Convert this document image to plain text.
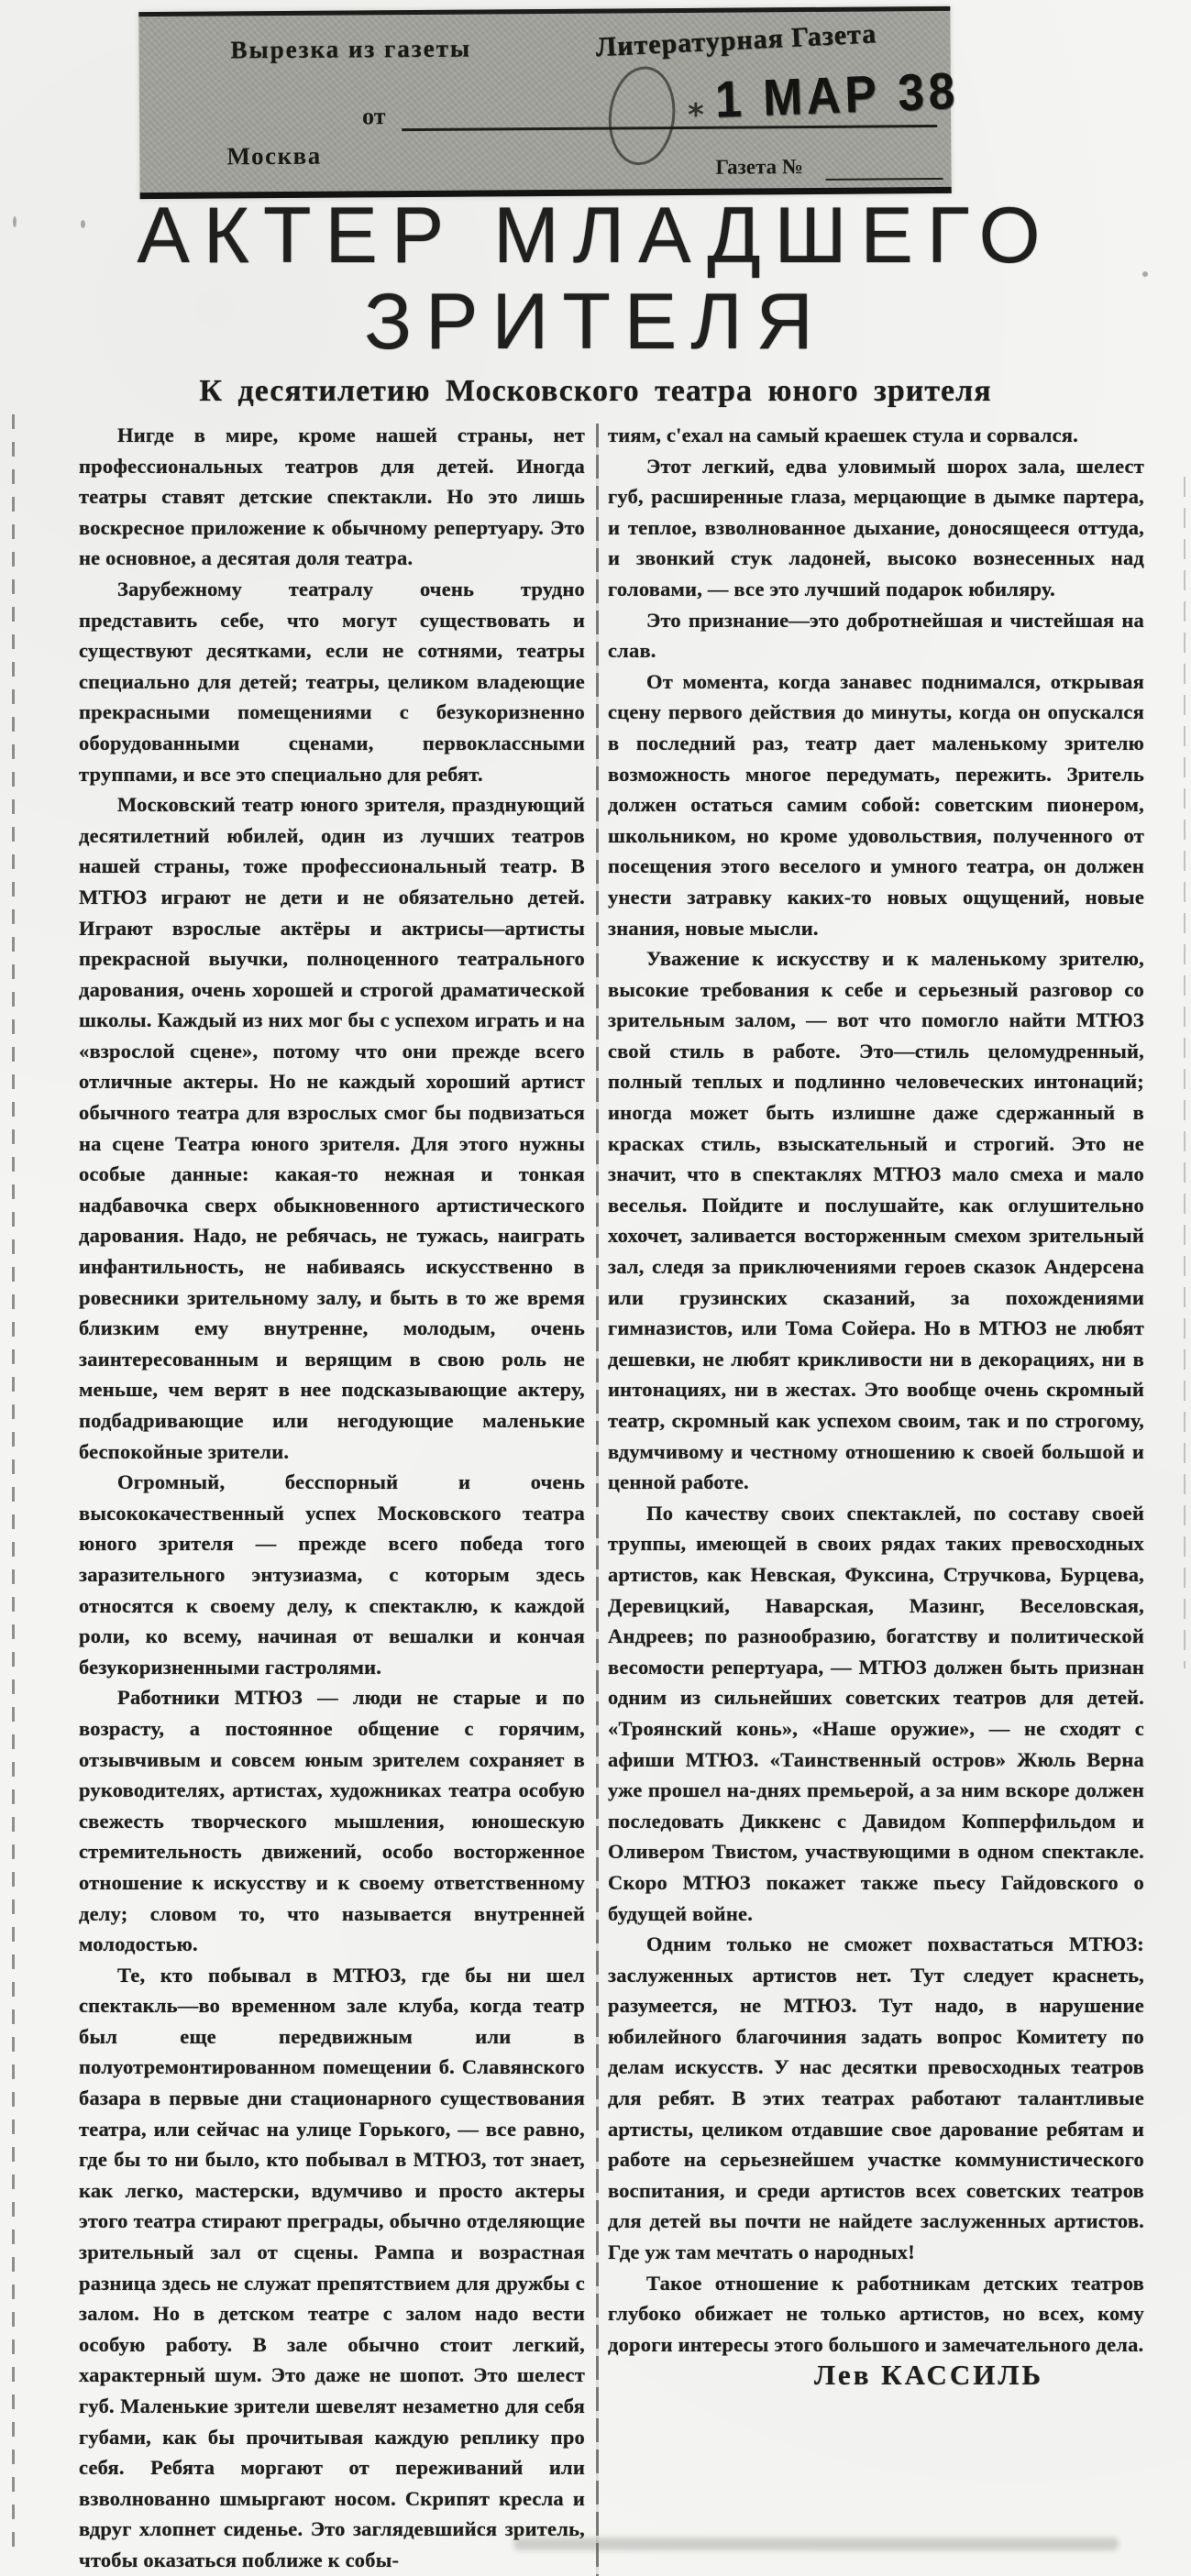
Вырезка из газеты	Литературная Газета
от	* 1 МАР 38
Москва	Газета №
АКТЕР МЛАДШЕГО
ЗРИТЕЛЯ
К десятилетию Московского театра юного зрителя

Нигде в мире, кроме нашей страны, нет профессиональных театров для детей. Иногда театры ставят детские спектакли. Но это лишь воскресное приложение к обычному репертуару. Это не основное, а десятая доля театра.

Зарубежному театралу очень трудно представить себе, что могут существовать и существуют десятками, если не сотнями, театры специально для детей; театры, целиком владеющие прекрасными помещениями с безукоризненно оборудованными сценами, первоклассными труппами, и все это специально для ребят.

Московский театр юного зрителя, празднующий десятилетний юбилей, один из лучших театров нашей страны, тоже профессиональный театр. В МТЮЗ играют не дети и не обязательно детей. Играют взрослые актёры и актрисы—артисты прекрасной выучки, полноценного театрального дарования, очень хорошей и строгой драматической школы. Каждый из них мог бы с успехом играть и на «взрослой сцене», потому что они прежде всего отличные актеры. Но не каждый хороший артист обычного театра для взрослых смог бы подвизаться на сцене Театра юного зрителя. Для этого нужны особые данные: какая-то нежная и тонкая надбавочка сверх обыкновенного артистического дарования. Надо, не ребячась, не тужась, наиграть инфантильность, не набиваясь искусственно в ровесники зрительному залу, и быть в то же время близким ему внутренне, молодым, очень заинтересованным и верящим в свою роль не меньше, чем верят в нее подсказывающие актеру, подбадривающие или негодующие маленькие беспокойные зрители.

Огромный, бесспорный и очень высококачественный успех Московского театра юного зрителя — прежде всего победа того заразительного энтузиазма, с которым здесь относятся к своему делу, к спектаклю, к каждой роли, ко всему, начиная от вешалки и кончая безукоризненными гастролями.

Работники МТЮЗ — люди не старые и по возрасту, а постоянное общение с горячим, отзывчивым и совсем юным зрителем сохраняет в руководителях, артистах, художниках театра особую свежесть творческого мышления, юношескую стремительность движений, особо восторженное отношение к искусству и к своему ответственному делу; словом то, что называется внутренней молодостью.

Те, кто побывал в МТЮЗ, где бы ни шел спектакль—во временном зале клуба, когда театр был еще передвижным или в полуотремонтированном помещении б. Славянского базара в первые дни стационарного существования театра, или сейчас на улице Горького, — все равно, где бы то ни было, кто побывал в МТЮЗ, тот знает, как легко, мастерски, вдумчиво и просто актеры этого театра стирают преграды, обычно отделяющие зрительный зал от сцены. Рампа и возрастная разница здесь не служат препятствием для дружбы с залом. Но в детском театре с залом надо вести особую работу. В зале обычно стоит легкий, характерный шум. Это даже не шопот. Это шелест губ. Маленькие зрители шевелят незаметно для себя губами, как бы прочитывая каждую реплику про себя. Ребята моргают от переживаний или взволнованно шмыргают носом. Скрипят кресла и вдруг хлопнет сиденье. Это заглядевшийся зритель, чтобы оказаться поближе к собы-

тиям, с'ехал на самый краешек стула и сорвался.

Этот легкий, едва уловимый шорох зала, шелест губ, расширенные глаза, мерцающие в дымке партера, и теплое, взволнованное дыхание, доносящееся оттуда, и звонкий стук ладоней, высоко вознесенных над головами, — все это лучший подарок юбиляру.

Это признание—это добротнейшая и чистейшая на слав.

От момента, когда занавес поднимался, открывая сцену первого действия до минуты, когда он опускался в последний раз, театр дает маленькому зрителю возможность многое передумать, пережить. Зритель должен остаться самим собой: советским пионером, школьником, но кроме удовольствия, полученного от посещения этого веселого и умного театра, он должен унести затравку каких-то новых ощущений, новые знания, новые мысли.

Уважение к искусству и к маленькому зрителю, высокие требования к себе и серьезный разговор со зрительным залом, — вот что помогло найти МТЮЗ свой стиль в работе. Это—стиль целомудренный, полный теплых и подлинно человеческих интонаций; иногда может быть излишне даже сдержанный в красках стиль, взыскательный и строгий. Это не значит, что в спектаклях МТЮЗ мало смеха и мало веселья. Пойдите и послушайте, как оглушительно хохочет, заливается восторженным смехом зрительный зал, следя за приключениями героев сказок Андерсена или грузинских сказаний, за похождениями гимназистов, или Тома Сойера. Но в МТЮЗ не любят дешевки, не любят крикливости ни в декорациях, ни в интонациях, ни в жестах. Это вообще очень скромный театр, скромный как успехом своим, так и по строгому, вдумчивому и честному отношению к своей большой и ценной работе.

По качеству своих спектаклей, по составу своей труппы, имеющей в своих рядах таких превосходных артистов, как Невская, Фуксина, Стручкова, Бурцева, Деревицкий, Наварская, Мазинг, Веселовская, Андреев; по разнообразию, богатству и политической весомости репертуара, — МТЮЗ должен быть признан одним из сильнейших советских театров для детей. «Троянский конь», «Наше оружие», — не сходят с афиши МТЮЗ. «Таинственный остров» Жюль Верна уже прошел на-днях премьерой, а за ним вскоре должен последовать Диккенс с Давидом Копперфильдом и Оливером Твистом, участвующими в одном спектакле. Скоро МТЮЗ покажет также пьесу Гайдовского о будущей войне.

Одним только не сможет похвастаться МТЮЗ: заслуженных артистов нет. Тут следует краснеть, разумеется, не МТЮЗ. Тут надо, в нарушение юбилейного благочиния задать вопрос Комитету по делам искусств. У нас десятки превосходных театров для ребят. В этих театрах работают талантливые артисты, целиком отдавшие свое дарование ребятам и работе на серьезнейшем участке коммунистического воспитания, и среди артистов всех советских театров для детей вы почти не найдете заслуженных артистов. Где уж там мечтать о народных!

Такое отношение к работникам детских театров глубоко обижает не только артистов, но всех, кому дороги интересы этого большого и замечательного дела.

Лев КАССИЛЬ
